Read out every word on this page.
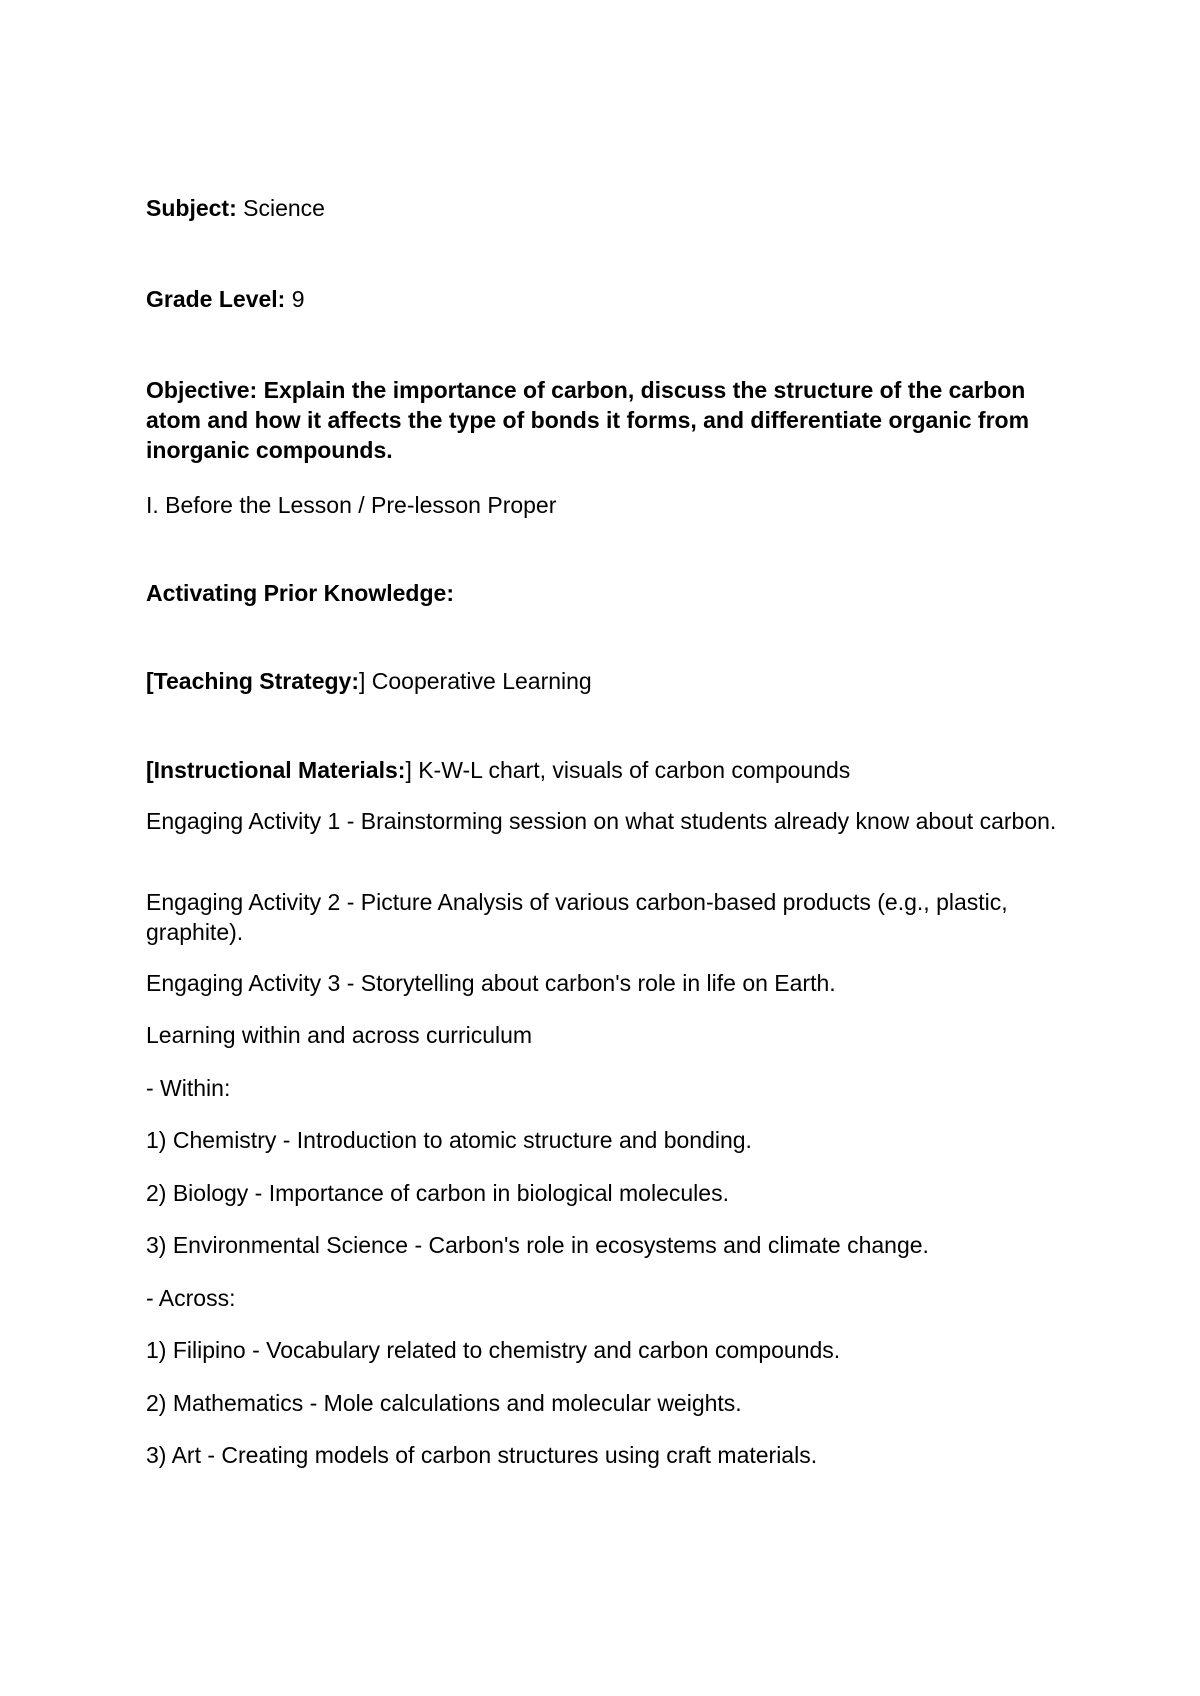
Subject: Science

Grade Level: 9

Objective: Explain the importance of carbon, discuss the structure of the carbon atom and how it affects the type of bonds it forms, and differentiate organic from inorganic compounds.

I. Before the Lesson / Pre-lesson Proper

Activating Prior Knowledge:

[Teaching Strategy:] Cooperative Learning

[Instructional Materials:] K-W-L chart, visuals of carbon compounds

Engaging Activity 1 - Brainstorming session on what students already know about carbon.

Engaging Activity 2 - Picture Analysis of various carbon-based products (e.g., plastic, graphite).

Engaging Activity 3 - Storytelling about carbon's role in life on Earth.

Learning within and across curriculum

- Within:

1) Chemistry - Introduction to atomic structure and bonding.

2) Biology - Importance of carbon in biological molecules.

3) Environmental Science - Carbon's role in ecosystems and climate change.

- Across:

1) Filipino - Vocabulary related to chemistry and carbon compounds.

2) Mathematics - Mole calculations and molecular weights.

3) Art - Creating models of carbon structures using craft materials.
